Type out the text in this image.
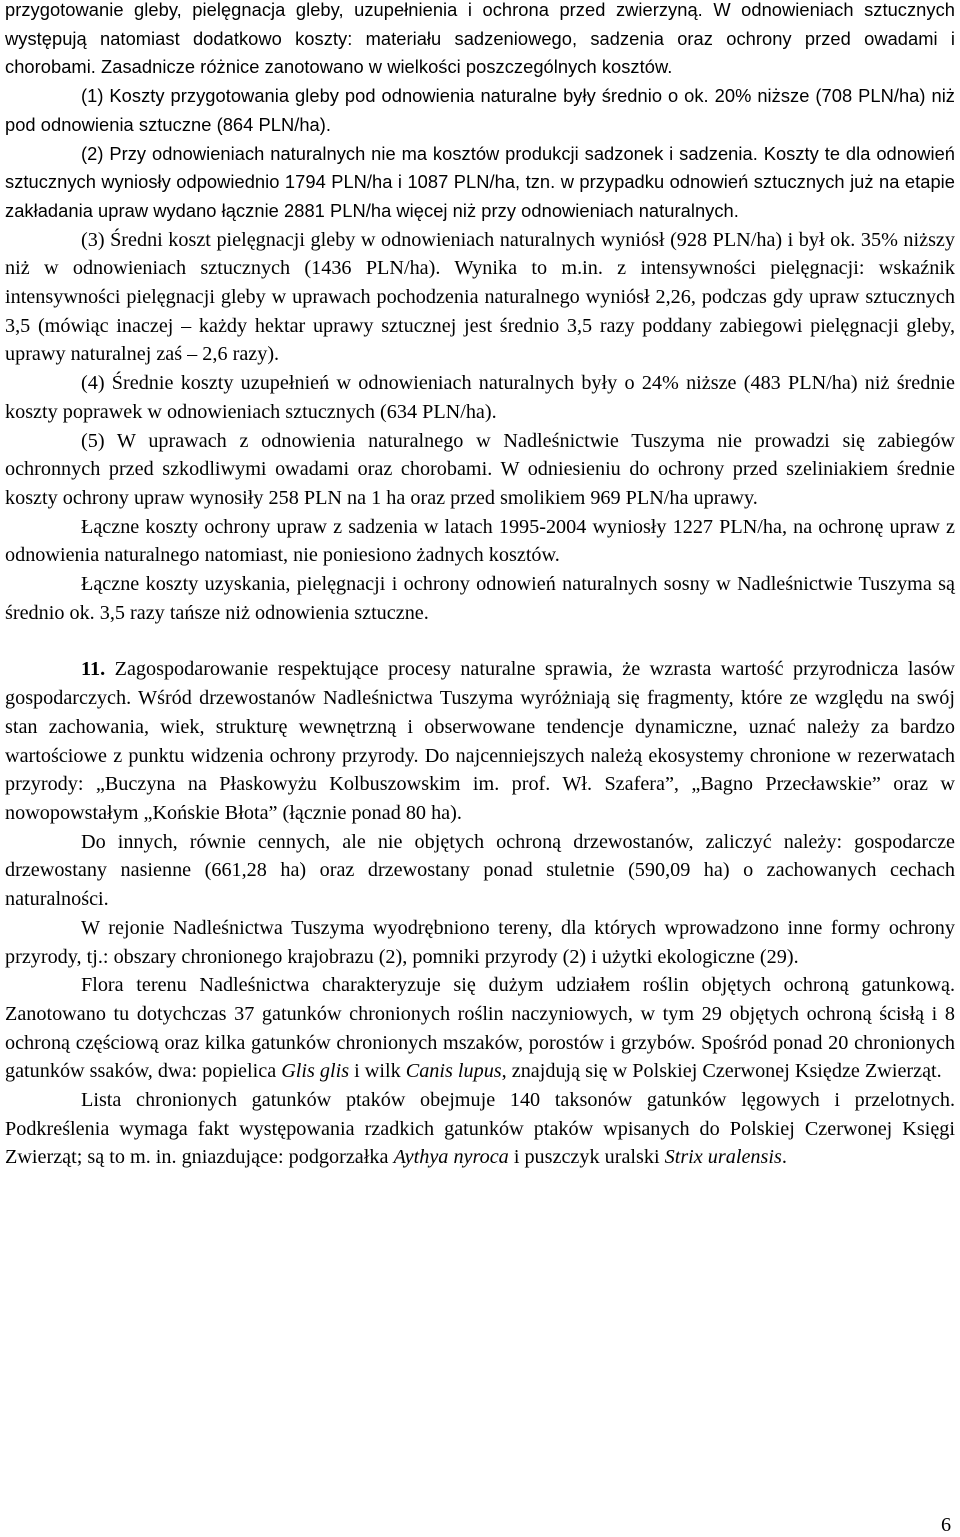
przygotowanie gleby, pielęgnacja gleby, uzupełnienia i ochrona przed zwierzyną. W odnowieniach sztucznych występują natomiast dodatkowo koszty: materiału sadzeniowego, sadzenia oraz ochrony przed owadami i chorobami. Zasadnicze różnice zanotowano w wielkości poszczególnych kosztów.

(1) Koszty przygotowania gleby pod odnowienia naturalne były średnio o ok. 20% niższe (708 PLN/ha) niż pod odnowienia sztuczne (864 PLN/ha).

(2) Przy odnowieniach naturalnych nie ma kosztów produkcji sadzonek i sadzenia. Koszty te dla odnowień sztucznych wyniosły odpowiednio 1794 PLN/ha i 1087 PLN/ha, tzn. w przypadku odnowień sztucznych już na etapie zakładania upraw wydano łącznie 2881 PLN/ha więcej niż przy odnowieniach naturalnych.

(3) Średni koszt pielęgnacji gleby w odnowieniach naturalnych wyniósł (928 PLN/ha) i był ok. 35% niższy niż w odnowieniach sztucznych (1436 PLN/ha). Wynika to m.in. z intensywności pielęgnacji: wskaźnik intensywności pielęgnacji gleby w uprawach pochodzenia naturalnego wyniósł 2,26, podczas gdy upraw sztucznych 3,5 (mówiąc inaczej – każdy hektar uprawy sztucznej jest średnio 3,5 razy poddany zabiegowi pielęgnacji gleby, uprawy naturalnej zaś – 2,6 razy).

(4) Średnie koszty uzupełnień w odnowieniach naturalnych były o 24% niższe (483 PLN/ha) niż średnie koszty poprawek w odnowieniach sztucznych (634 PLN/ha).

(5) W uprawach z odnowienia naturalnego w Nadleśnictwie Tuszyma nie prowadzi się zabiegów ochronnych przed szkodliwymi owadami oraz chorobami. W odniesieniu do ochrony przed szeliniakiem średnie koszty ochrony upraw wynosiły 258 PLN na 1 ha oraz przed smolikiem 969 PLN/ha uprawy.

Łączne koszty ochrony upraw z sadzenia w latach 1995-2004 wyniosły 1227 PLN/ha, na ochronę upraw z odnowienia naturalnego natomiast, nie poniesiono żadnych kosztów.

Łączne koszty uzyskania, pielęgnacji i ochrony odnowień naturalnych sosny w Nadleśnictwie Tuszyma są średnio ok. 3,5 razy tańsze niż odnowienia sztuczne.

11. Zagospodarowanie respektujące procesy naturalne sprawia, że wzrasta wartość przyrodnicza lasów gospodarczych. Wśród drzewostanów Nadleśnictwa Tuszyma wyróżniają się fragmenty, które ze względu na swój stan zachowania, wiek, strukturę wewnętrzną i obserwowane tendencje dynamiczne, uznać należy za bardzo wartościowe z punktu widzenia ochrony przyrody. Do najcenniejszych należą ekosystemy chronione w rezerwatach przyrody: „Buczyna na Płaskowyżu Kolbuszowskim im. prof. Wł. Szafera”, „Bagno Przecławskie” oraz w nowopowstałym „Końskie Błota” (łącznie ponad 80 ha).

Do innych, równie cennych, ale nie objętych ochroną drzewostanów, zaliczyć należy: gospodarcze drzewostany nasienne (661,28 ha) oraz drzewostany ponad stuletnie (590,09 ha) o zachowanych cechach naturalności.

W rejonie Nadleśnictwa Tuszyma wyodrębniono tereny, dla których wprowadzono inne formy ochrony przyrody, tj.: obszary chronionego krajobrazu (2), pomniki przyrody (2) i użytki ekologiczne (29).

Flora terenu Nadleśnictwa charakteryzuje się dużym udziałem roślin objętych ochroną gatunkową. Zanotowano tu dotychczas 37 gatunków chronionych roślin naczyniowych, w tym 29 objętych ochroną ścisłą i 8 ochroną częściową oraz kilka gatunków chronionych mszaków, porostów i grzybów. Spośród ponad 20 chronionych gatunków ssaków, dwa: popielica Glis glis i wilk Canis lupus, znajdują się w Polskiej Czerwonej Księdze Zwierząt.

Lista chronionych gatunków ptaków obejmuje 140 taksonów gatunków lęgowych i przelotnych. Podkreślenia wymaga fakt występowania rzadkich gatunków ptaków wpisanych do Polskiej Czerwonej Księgi Zwierząt; są to m. in. gniazdujące: podgorzałka Aythya nyroca i puszczyk uralski Strix uralensis.

6
